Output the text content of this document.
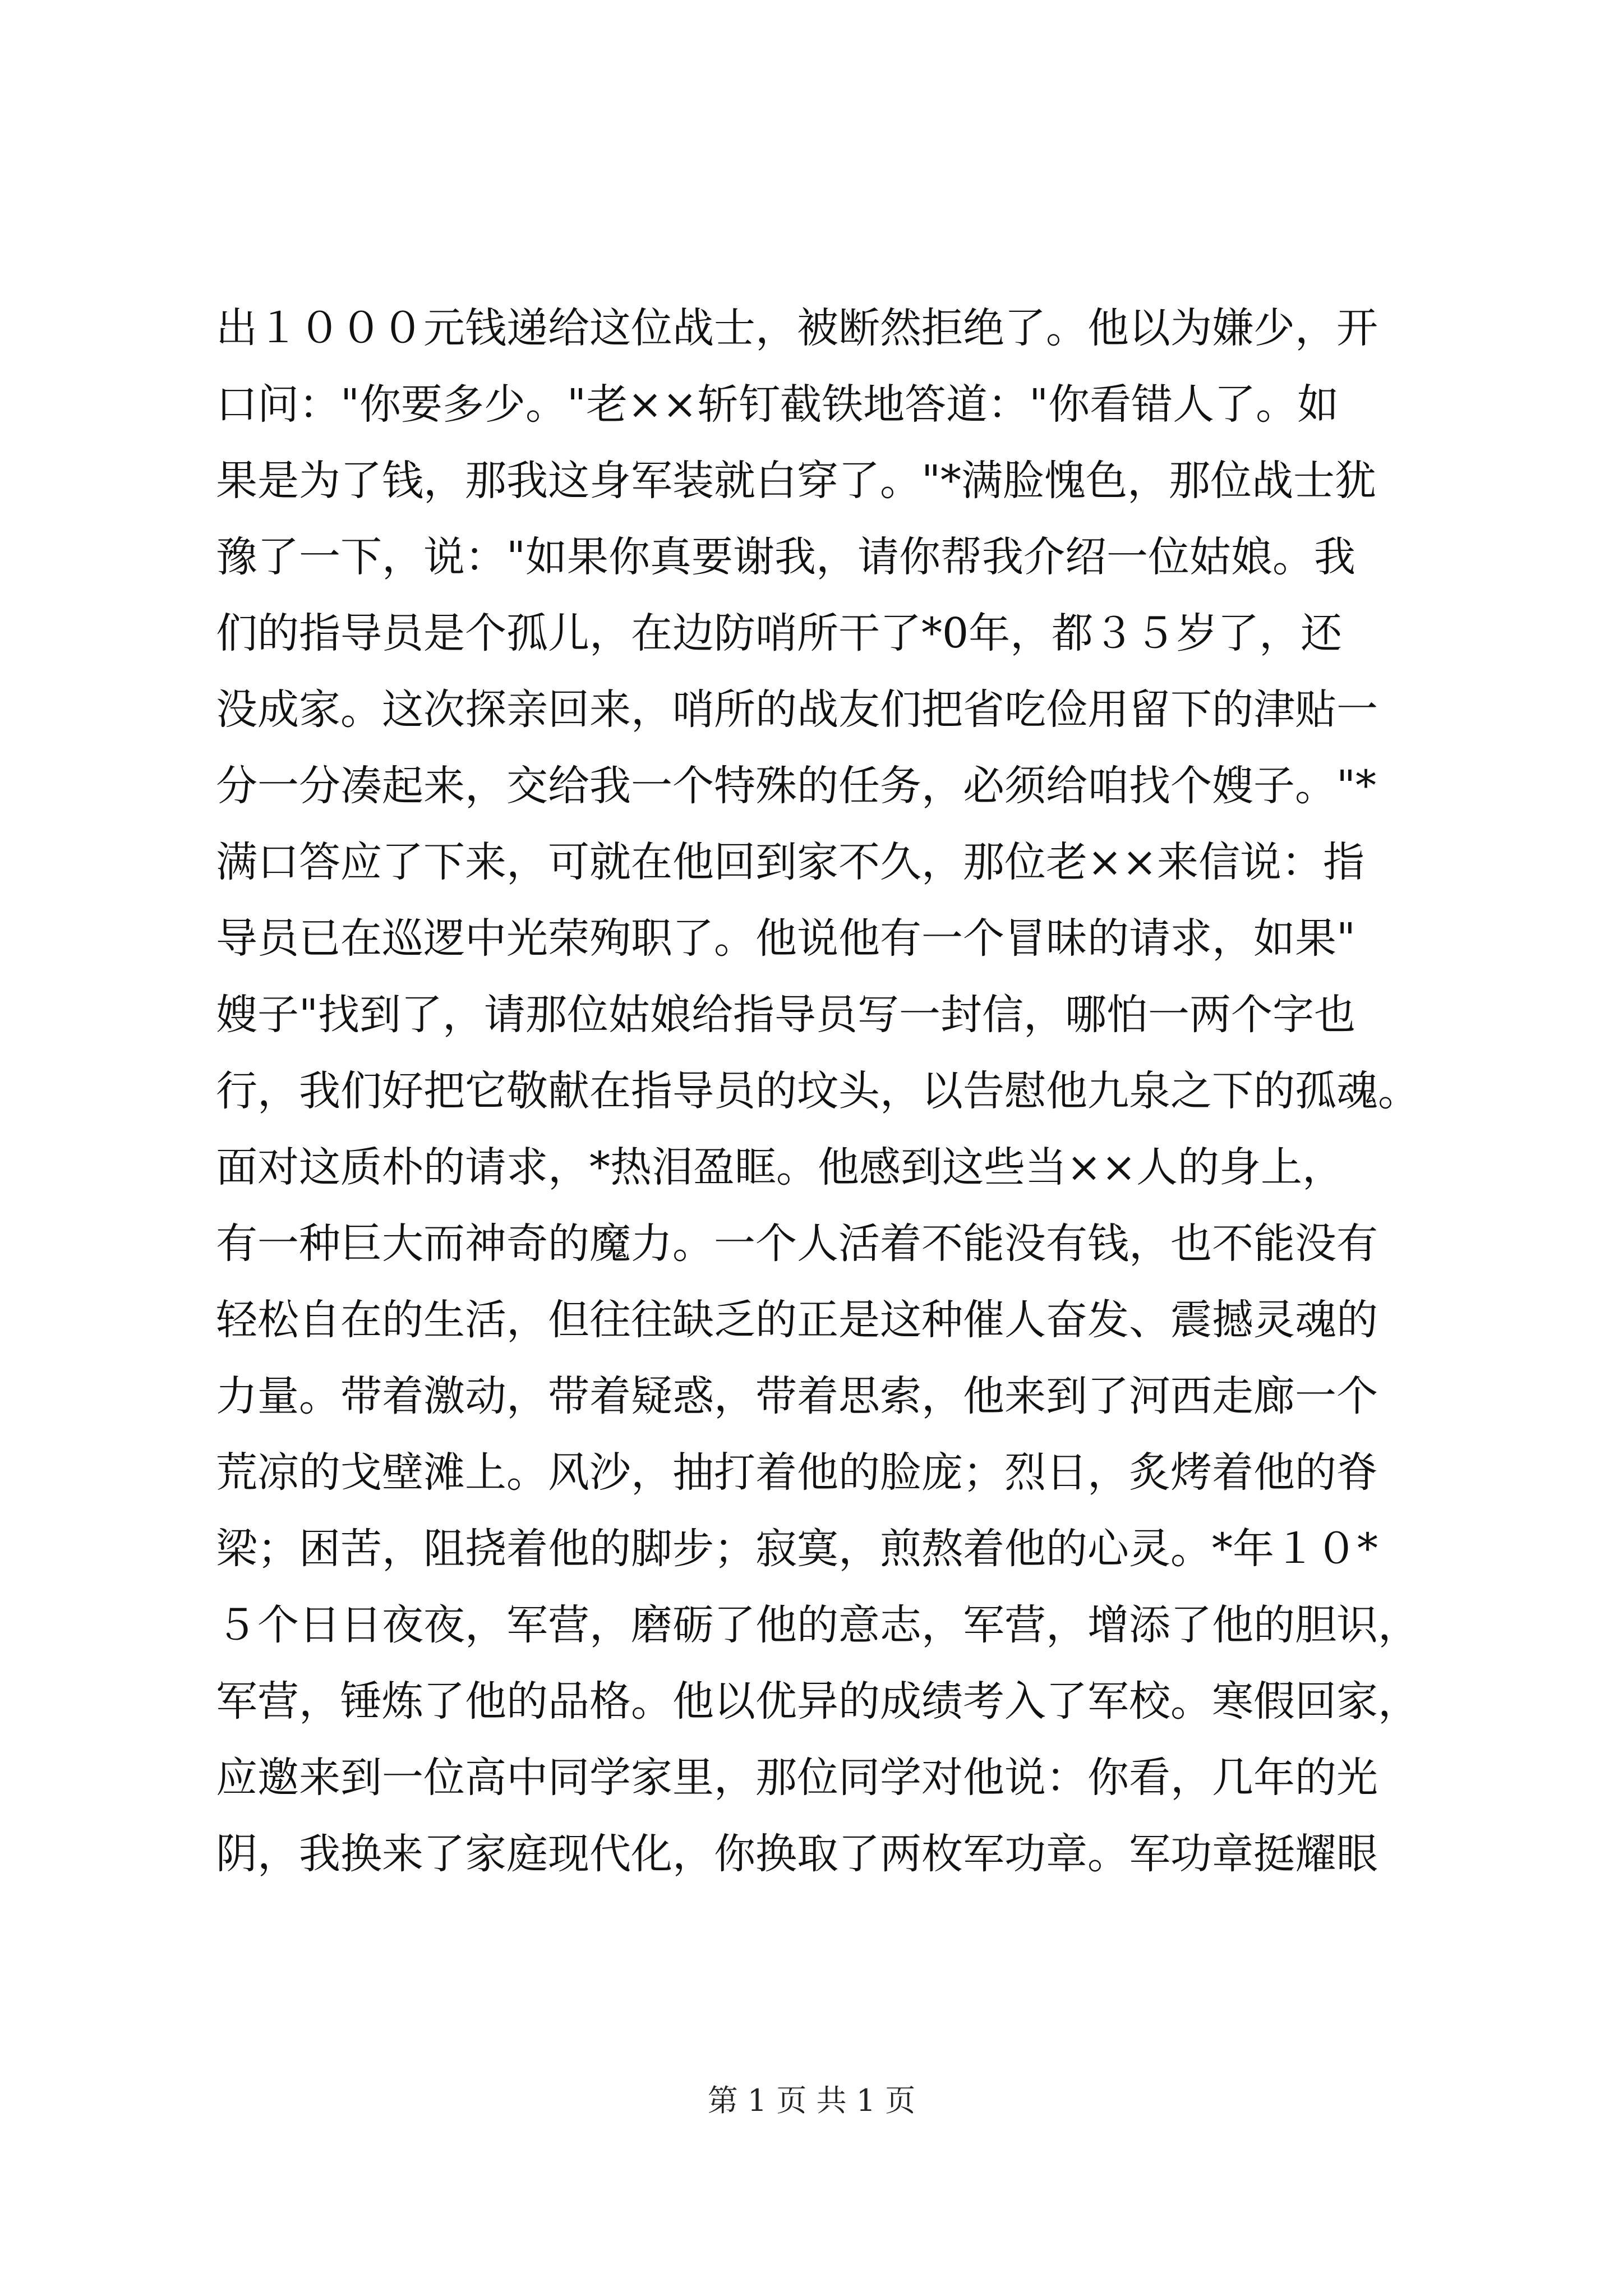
出１０００元钱递给这位战士，被断然拒绝了。他以为嫌少，开
口问："你要多少。"老××斩钉截铁地答道："你看错人了。如
果是为了钱，那我这身军装就白穿了。"*满脸愧色，那位战士犹
豫了一下，说："如果你真要谢我，请你帮我介绍一位姑娘。我
们的指导员是个孤儿，在边防哨所干了*0年，都３５岁了，还
没成家。这次探亲回来，哨所的战友们把省吃俭用留下的津贴一
分一分凑起来，交给我一个特殊的任务，必须给咱找个嫂子。"*
满口答应了下来，可就在他回到家不久，那位老××来信说：指
导员已在巡逻中光荣殉职了。他说他有一个冒昧的请求，如果"
嫂子"找到了，请那位姑娘给指导员写一封信，哪怕一两个字也
行，我们好把它敬献在指导员的坟头，以告慰他九泉之下的孤魂。
面对这质朴的请求，*热泪盈眶。他感到这些当××人的身上，
有一种巨大而神奇的魔力。一个人活着不能没有钱，也不能没有
轻松自在的生活，但往往缺乏的正是这种催人奋发、震撼灵魂的
力量。带着激动，带着疑惑，带着思索，他来到了河西走廊一个
荒凉的戈壁滩上。风沙，抽打着他的脸庞；烈日，炙烤着他的脊
梁；困苦，阻挠着他的脚步；寂寞，煎熬着他的心灵。*年１０*
５个日日夜夜，军营，磨砺了他的意志，军营，增添了他的胆识，
军营，锤炼了他的品格。他以优异的成绩考入了军校。寒假回家，
应邀来到一位高中同学家里，那位同学对他说：你看，几年的光
阴，我换来了家庭现代化，你换取了两枚军功章。军功章挺耀眼
第 1 页 共 1 页
